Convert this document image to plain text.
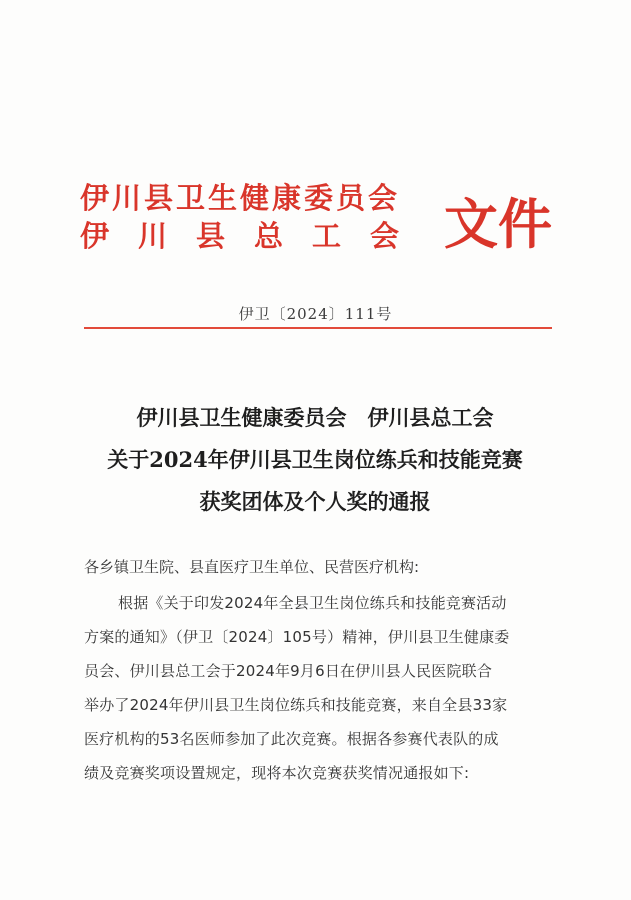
伊川县卫生健康委员会
伊川县总工会 文件
伊卫〔2024〕111号
伊川县卫生健康委员会　伊川县总工会
关于2024年伊川县卫生岗位练兵和技能竞赛
获奖团体及个人奖的通报
各乡镇卫生院、县直医疗卫生单位、民营医疗机构:
根据《关于印发2024年全县卫生岗位练兵和技能竞赛活动
方案的通知》（伊卫〔2024〕105号）精神，伊川县卫生健康委
员会、伊川县总工会于2024年9月6日在伊川县人民医院联合
举办了2024年伊川县卫生岗位练兵和技能竞赛，来自全县33家
医疗机构的53名医师参加了此次竞赛。根据各参赛代表队的成
绩及竞赛奖项设置规定，现将本次竞赛获奖情况通报如下:
